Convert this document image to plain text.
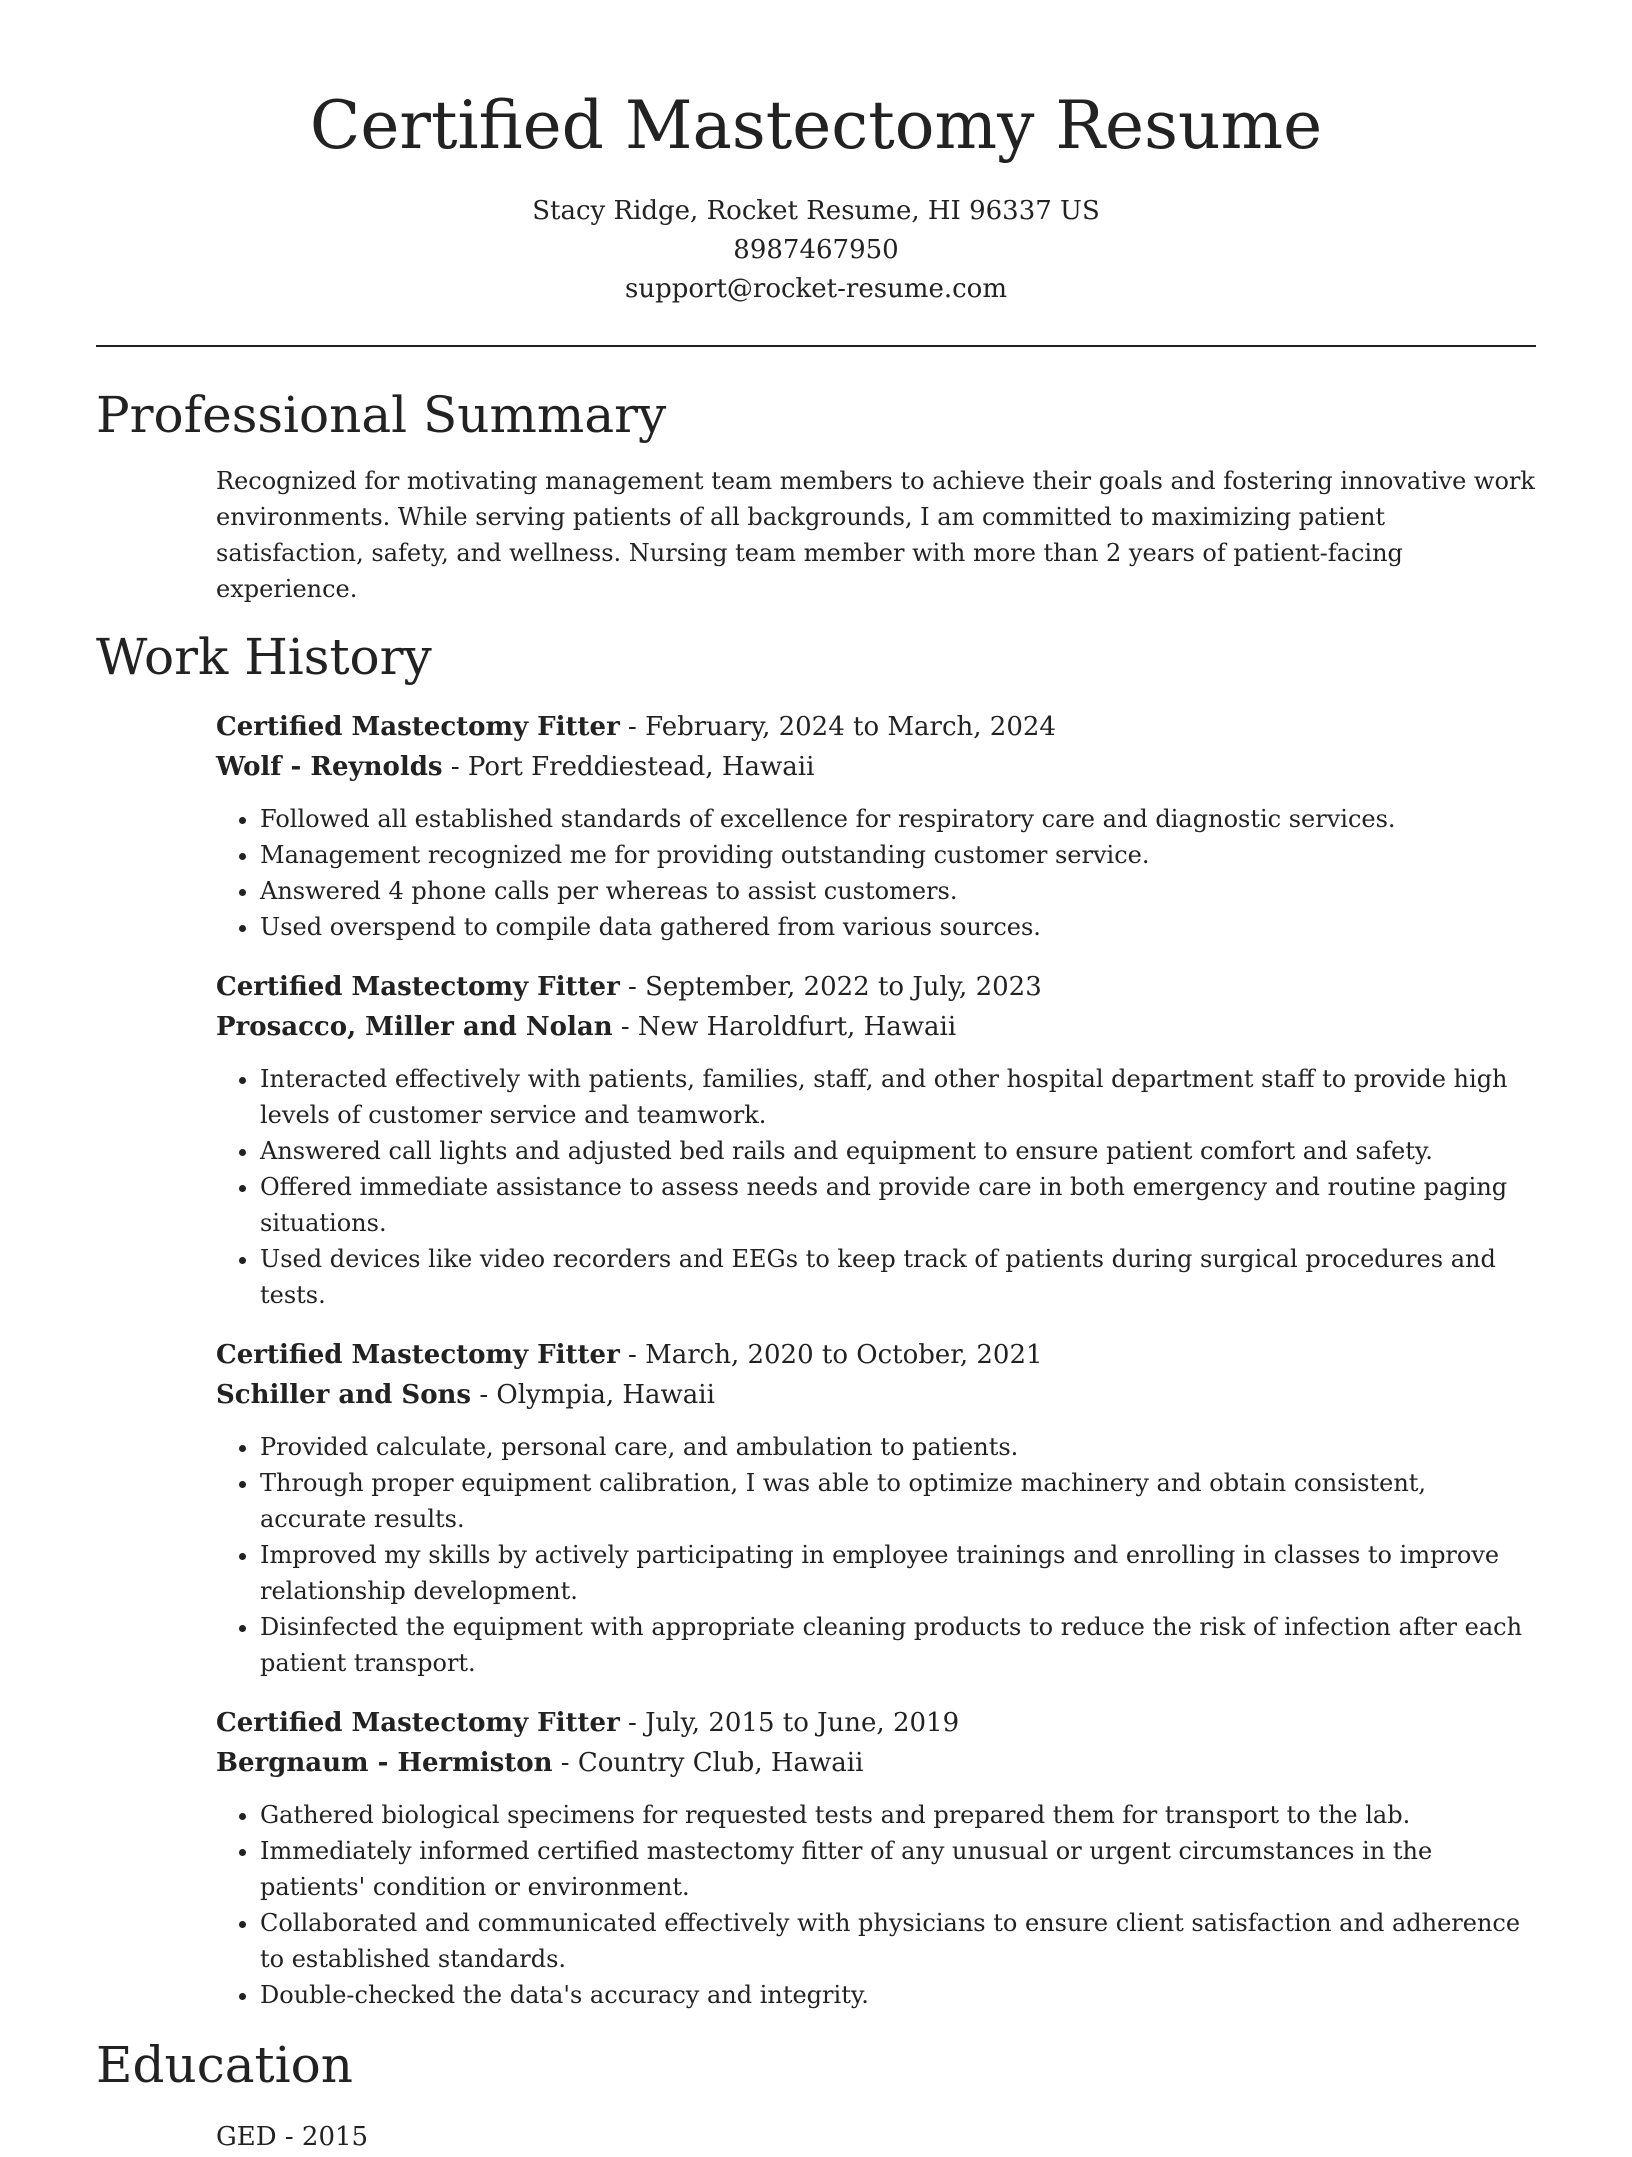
Certified Mastectomy Resume
Stacy Ridge, Rocket Resume, HI 96337 US
8987467950
support@rocket-resume.com
Professional Summary
Recognized for motivating management team members to achieve their goals and fostering innovative work environments. While serving patients of all backgrounds, I am committed to maximizing patient satisfaction, safety, and wellness. Nursing team member with more than 2 years of patient-facing experience.
Work History
Certified Mastectomy Fitter - February, 2024 to March, 2024
Wolf - Reynolds - Port Freddiestead, Hawaii
• Followed all established standards of excellence for respiratory care and diagnostic services.
• Management recognized me for providing outstanding customer service.
• Answered 4 phone calls per whereas to assist customers.
• Used overspend to compile data gathered from various sources.
Certified Mastectomy Fitter - September, 2022 to July, 2023
Prosacco, Miller and Nolan - New Haroldfurt, Hawaii
• Interacted effectively with patients, families, staff, and other hospital department staff to provide high levels of customer service and teamwork.
• Answered call lights and adjusted bed rails and equipment to ensure patient comfort and safety.
• Offered immediate assistance to assess needs and provide care in both emergency and routine paging situations.
• Used devices like video recorders and EEGs to keep track of patients during surgical procedures and tests.
Certified Mastectomy Fitter - March, 2020 to October, 2021
Schiller and Sons - Olympia, Hawaii
• Provided calculate, personal care, and ambulation to patients.
• Through proper equipment calibration, I was able to optimize machinery and obtain consistent, accurate results.
• Improved my skills by actively participating in employee trainings and enrolling in classes to improve relationship development.
• Disinfected the equipment with appropriate cleaning products to reduce the risk of infection after each patient transport.
Certified Mastectomy Fitter - July, 2015 to June, 2019
Bergnaum - Hermiston - Country Club, Hawaii
• Gathered biological specimens for requested tests and prepared them for transport to the lab.
• Immediately informed certified mastectomy fitter of any unusual or urgent circumstances in the patients' condition or environment.
• Collaborated and communicated effectively with physicians to ensure client satisfaction and adherence to established standards.
• Double-checked the data's accuracy and integrity.
Education
GED - 2015
